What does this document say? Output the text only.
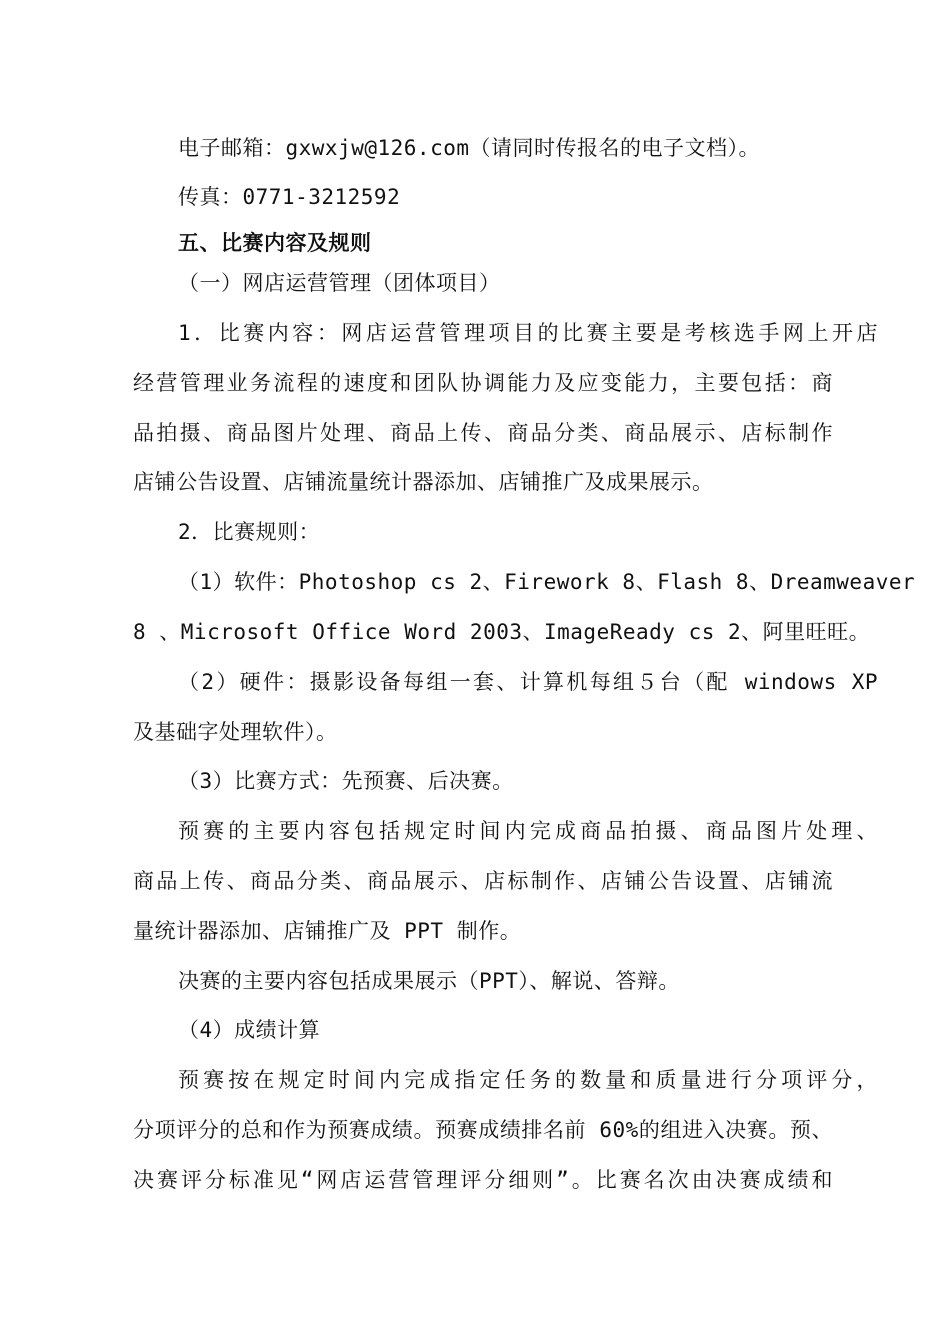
电子邮箱：gxwxjw@126.com（请同时传报名的电子文档）。
传真：0771-3212592
五、比赛内容及规则
（一）网店运营管理（团体项目）
1．比赛内容：网店运营管理项目的比赛主要是考核选手网上开店
经营管理业务流程的速度和团队协调能力及应变能力，主要包括：商
品拍摄、商品图片处理、商品上传、商品分类、商品展示、店标制作
店铺公告设置、店铺流量统计器添加、店铺推广及成果展示。
2．比赛规则：
（1）软件：Photoshop cs 2、Firework 8、Flash 8、Dreamweaver
8 、Microsoft Office Word 2003、ImageReady cs 2、阿里旺旺。
（2）硬件：摄影设备每组一套、计算机每组５台（配 windows XP
及基础字处理软件）。
（3）比赛方式：先预赛、后决赛。
预赛的主要内容包括规定时间内完成商品拍摄、商品图片处理、
商品上传、商品分类、商品展示、店标制作、店铺公告设置、店铺流
量统计器添加、店铺推广及 PPT 制作。
决赛的主要内容包括成果展示（PPT）、解说、答辩。
（4）成绩计算
预赛按在规定时间内完成指定任务的数量和质量进行分项评分，
分项评分的总和作为预赛成绩。预赛成绩排名前 60%的组进入决赛。预、
决赛评分标准见“网店运营管理评分细则”。比赛名次由决赛成绩和
